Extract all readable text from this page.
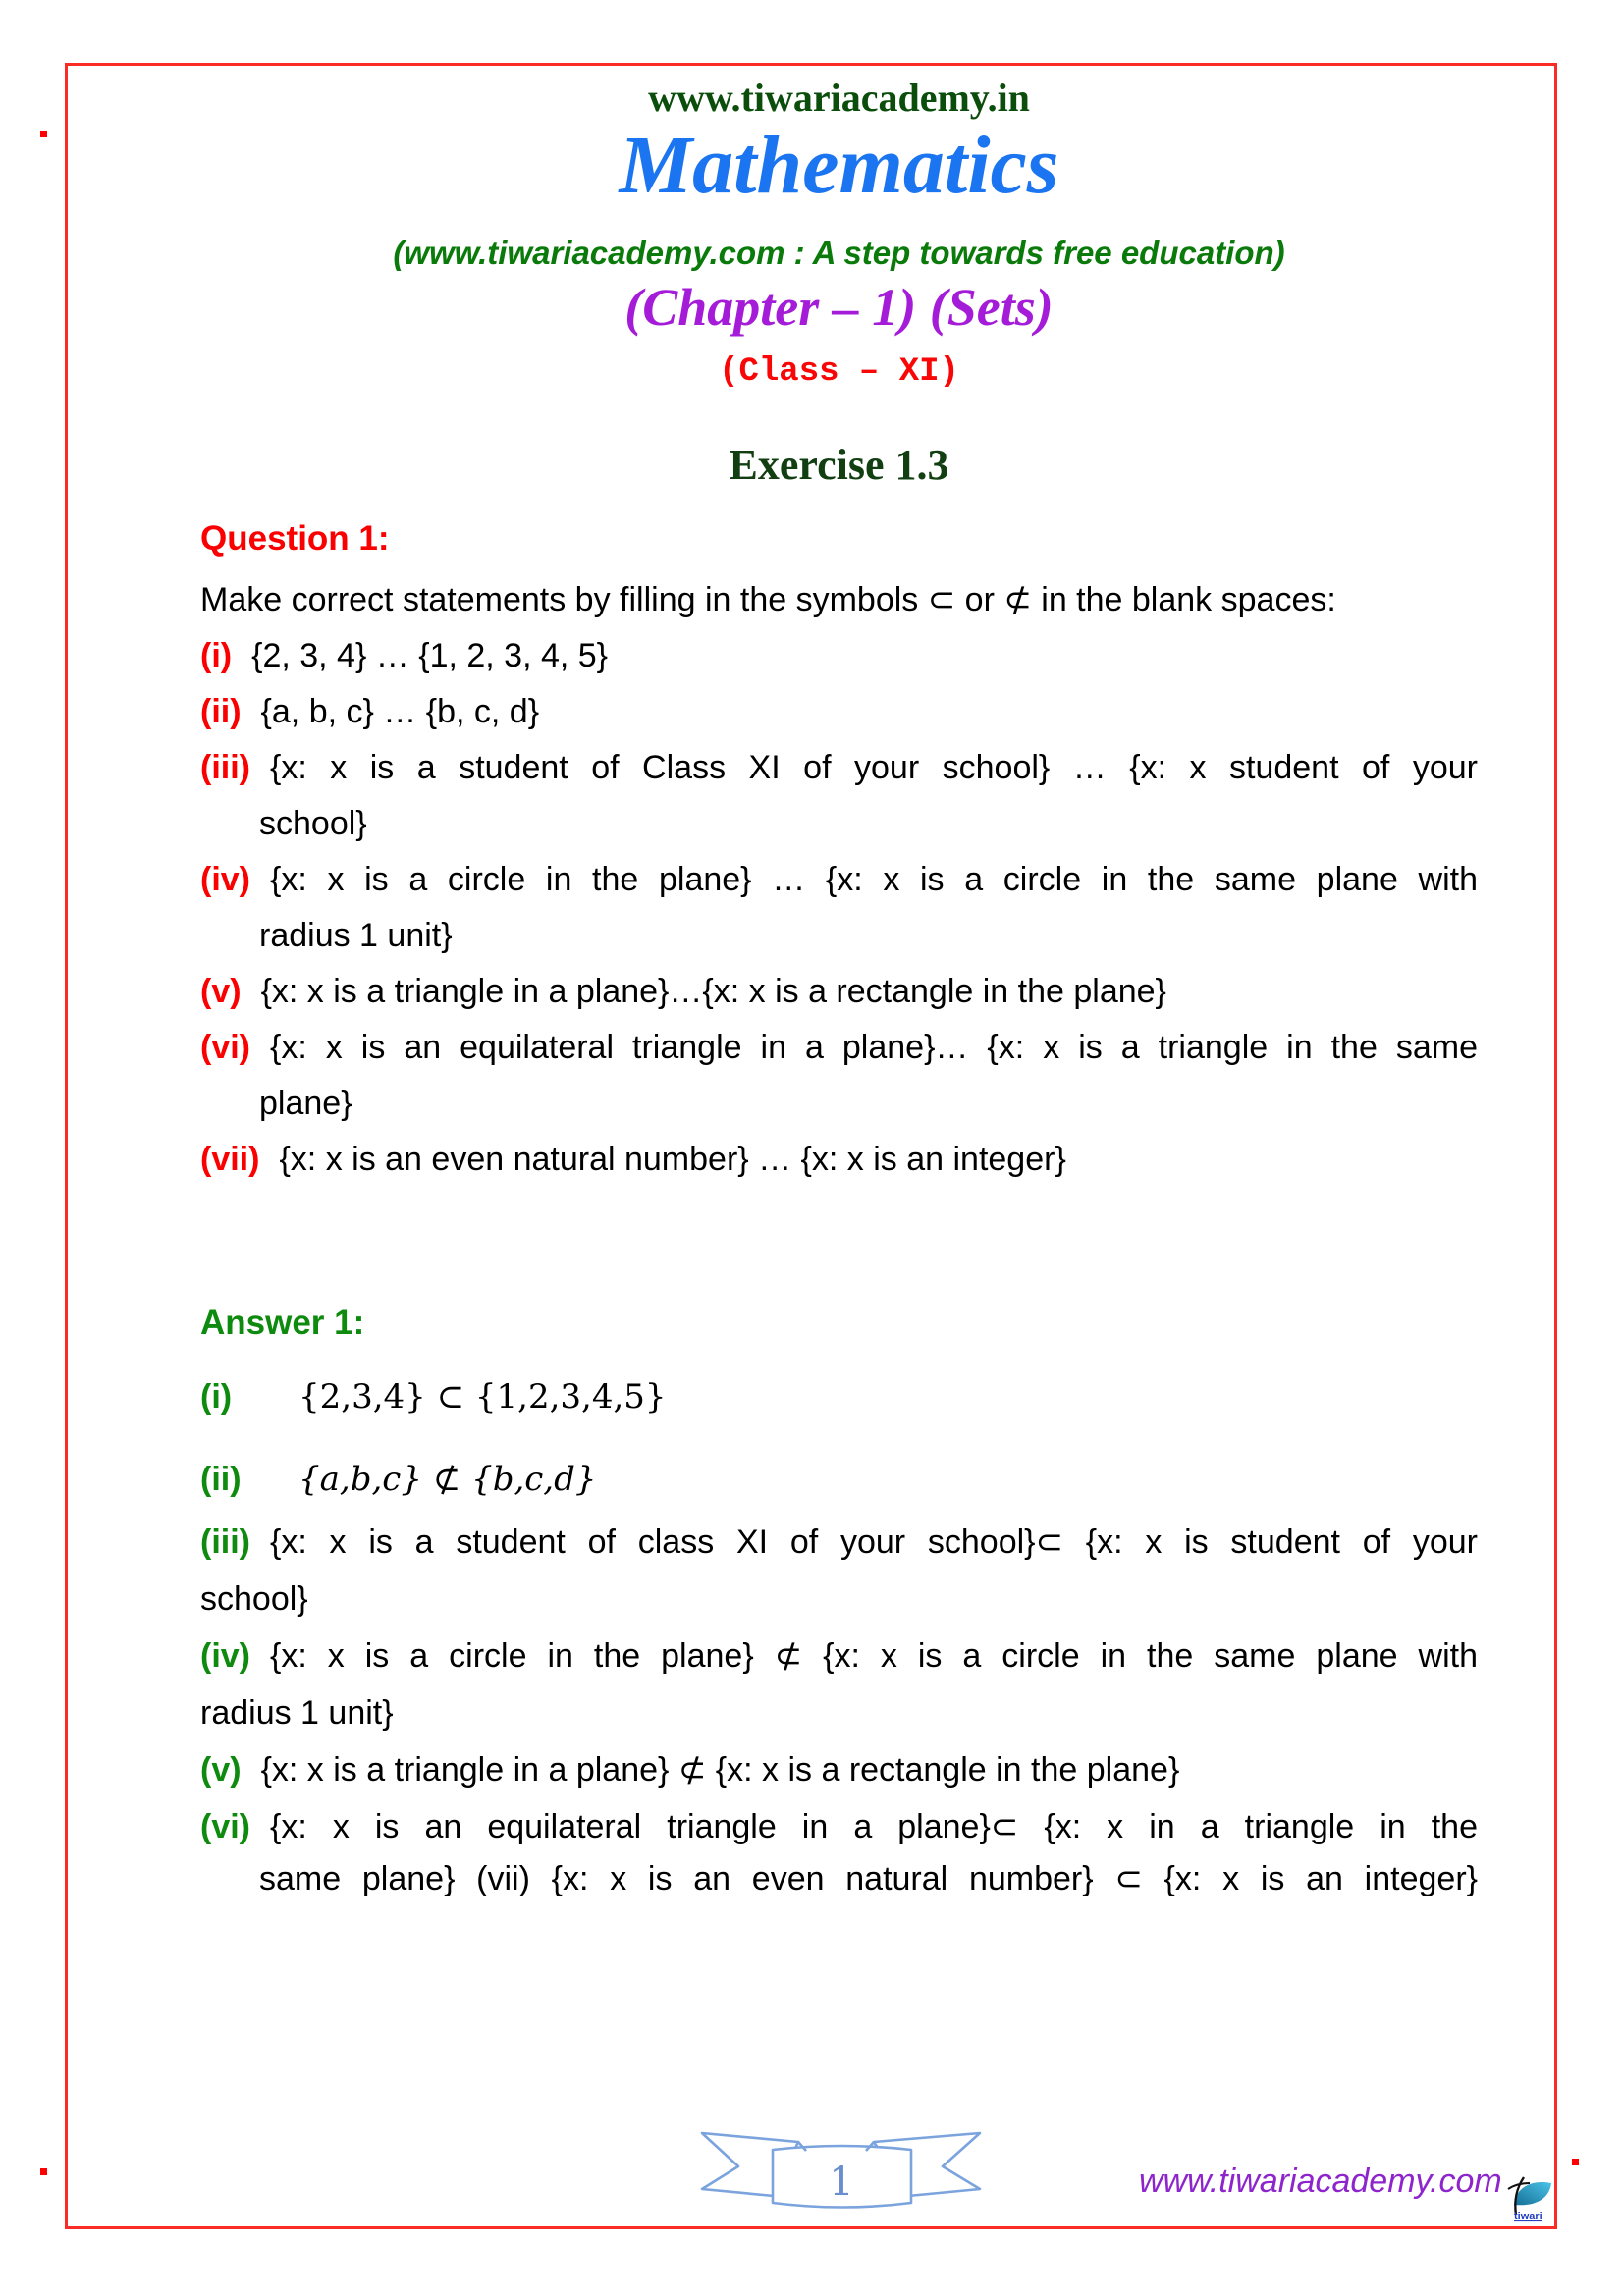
www.tiwariacademy.in
Mathematics
(www.tiwariacademy.com : A step towards free education)
(Chapter – 1) (Sets)
(Class – XI)
Exercise 1.3
Question 1:
Make correct statements by filling in the symbols ⊂ or ⊄ in the blank spaces:
(i) {2, 3, 4} … {1, 2, 3, 4, 5}
(ii) {a, b, c} … {b, c, d}
(iii) {x: x is a student of Class XI of your school} … {x: x student of your
school}
(iv) {x: x is a circle in the plane} … {x: x is a circle in the same plane with
radius 1 unit}
(v) {x: x is a triangle in a plane}…{x: x is a rectangle in the plane}
(vi) {x: x is an equilateral triangle in a plane}… {x: x is a triangle in the same
plane}
(vii) {x: x is an even natural number} … {x: x is an integer}
Answer 1:
(i) {2,3,4} ⊂ {1,2,3,4,5}
(ii) {a,b,c} ⊄ {b,c,d}
(iii) {x: x is a student of class XI of your school}⊂ {x: x is student of your
school}
(iv) {x: x is a circle in the plane} ⊄ {x: x is a circle in the same plane with
radius 1 unit}
(v) {x: x is a triangle in a plane} ⊄ {x: x is a rectangle in the plane}
(vi) {x: x is an equilateral triangle in a plane}⊂ {x: x in a triangle in the
same plane} (vii) {x: x is an even natural number} ⊂ {x: x is an integer}
1	www.tiwariacademy.com
tiwari
